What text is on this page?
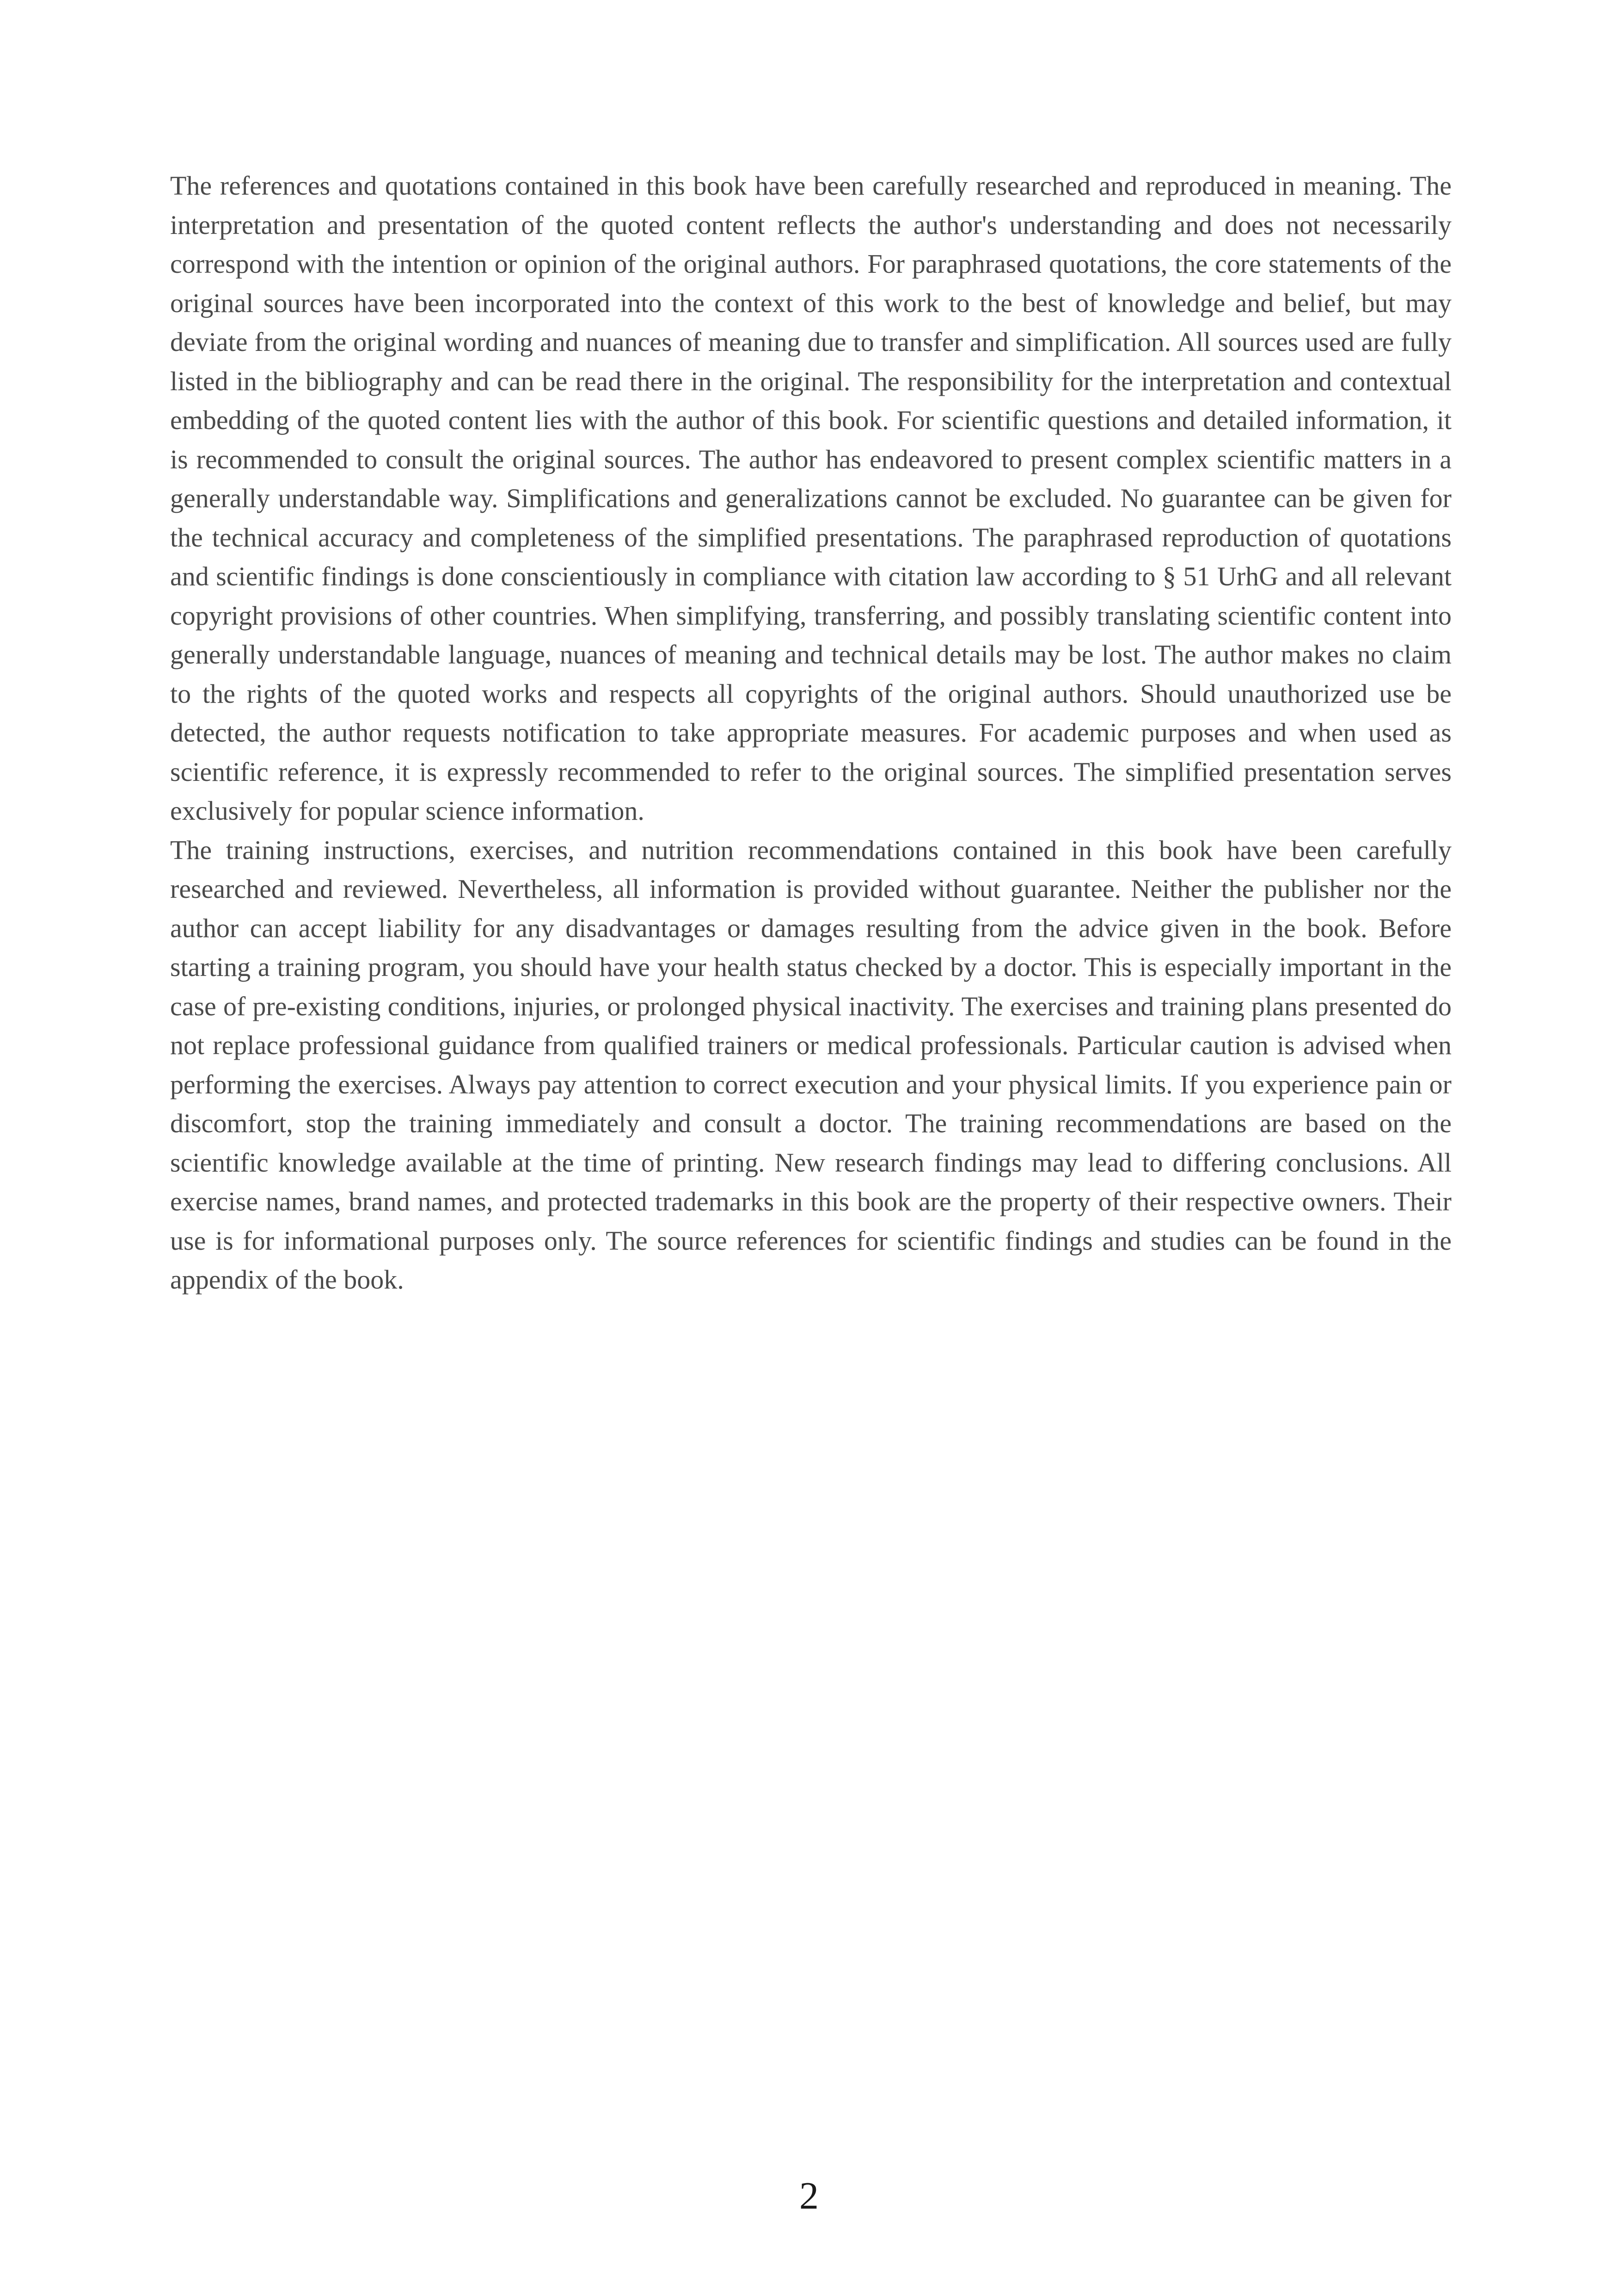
The references and quotations contained in this book have been carefully researched and reproduced in meaning. The interpretation and presentation of the quoted content reflects the author's understanding and does not necessarily correspond with the intention or opinion of the original authors. For paraphrased quotations, the core statements of the original sources have been incorporated into the context of this work to the best of knowledge and belief, but may deviate from the original wording and nuances of meaning due to transfer and simplification. All sources used are fully listed in the bibliography and can be read there in the original. The responsibility for the interpretation and contextual embedding of the quoted content lies with the author of this book. For scientific questions and detailed information, it is recommended to consult the original sources. The author has endeavored to present complex scientific matters in a generally understandable way. Simplifications and generalizations cannot be excluded. No guarantee can be given for the technical accuracy and completeness of the simplified presentations. The paraphrased reproduction of quotations and scientific findings is done conscientiously in compliance with citation law according to § 51 UrhG and all relevant copyright provisions of other countries. When simplifying, transferring, and possibly translating scientific content into generally understandable language, nuances of meaning and technical details may be lost. The author makes no claim to the rights of the quoted works and respects all copyrights of the original authors. Should unauthorized use be detected, the author requests notification to take appropriate measures. For academic purposes and when used as scientific reference, it is expressly recommended to refer to the original sources. The simplified presentation serves exclusively for popular science information.

The training instructions, exercises, and nutrition recommendations contained in this book have been carefully researched and reviewed. Nevertheless, all information is provided without guarantee. Neither the publisher nor the author can accept liability for any disadvantages or damages resulting from the advice given in the book. Before starting a training program, you should have your health status checked by a doctor. This is especially important in the case of pre-existing conditions, injuries, or prolonged physical inactivity. The exercises and training plans presented do not replace professional guidance from qualified trainers or medical professionals. Particular caution is advised when performing the exercises. Always pay attention to correct execution and your physical limits. If you experience pain or discomfort, stop the training immediately and consult a doctor. The training recommendations are based on the scientific knowledge available at the time of printing. New research findings may lead to differing conclusions. All exercise names, brand names, and protected trademarks in this book are the property of their respective owners. Their use is for informational purposes only. The source references for scientific findings and studies can be found in the appendix of the book.

2
